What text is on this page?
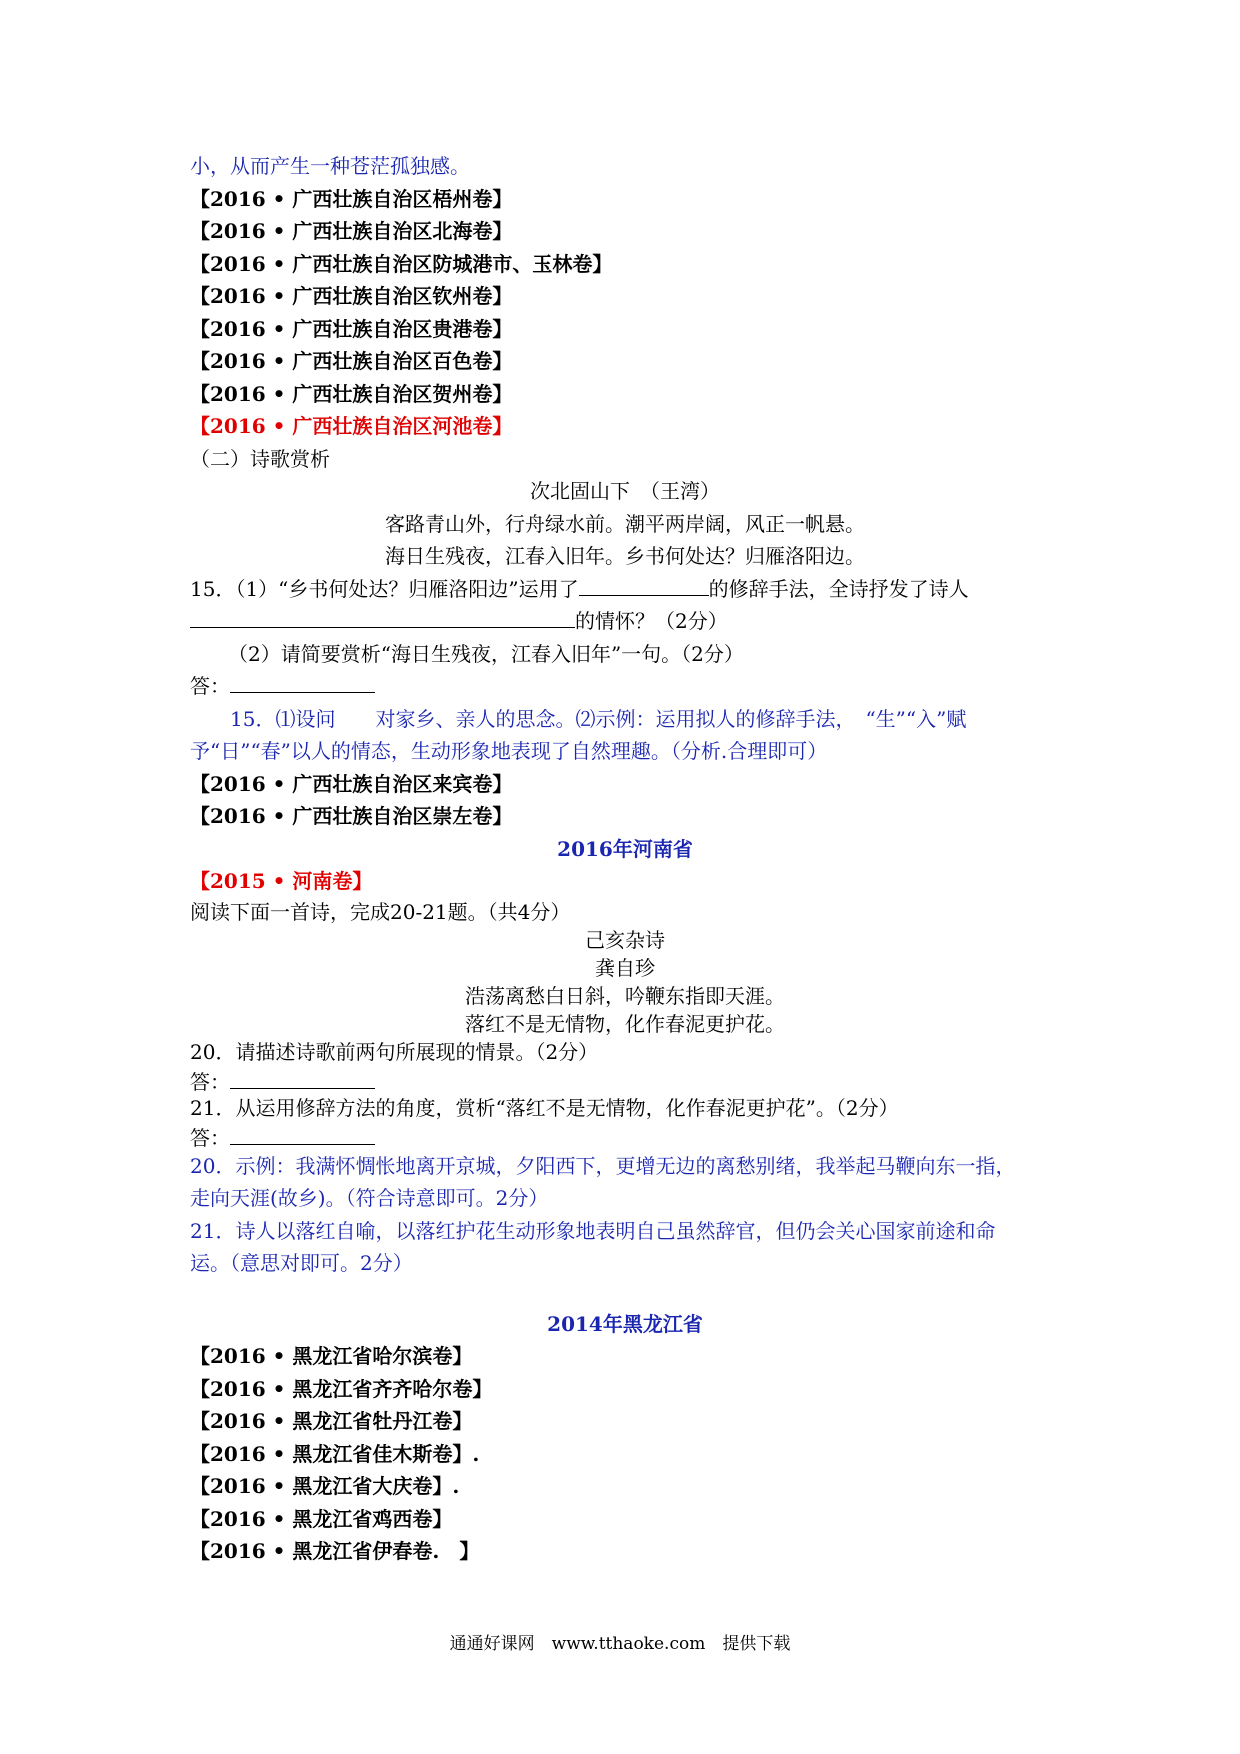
小，从而产生一种苍茫孤独感。
【2016 • 广西壮族自治区梧州卷】
【2016 • 广西壮族自治区北海卷】
【2016 • 广西壮族自治区防城港市、玉林卷】
【2016 • 广西壮族自治区钦州卷】
【2016 • 广西壮族自治区贵港卷】
【2016 • 广西壮族自治区百色卷】
【2016 • 广西壮族自治区贺州卷】
【2016 • 广西壮族自治区河池卷】
（二）诗歌赏析
次北固山下　（王湾）
客路青山外，行舟绿水前。潮平两岸阔，风正一帆悬。
海日生残夜，江春入旧年。乡书何处达？归雁洛阳边。
15．（1）“乡书何处达？归雁洛阳边”运用了	的修辞手法，全诗抒发了诗人
的情怀？（2分）
（2）请简要赏析“海日生残夜，江春入旧年”一句。（2分）
答：
15．⑴设问　　对家乡、亲人的思念。⑵示例：运用拟人的修辞手法，　“生”“入”赋
予“日”“春”以人的情态，生动形象地表现了自然理趣。（分析.合理即可）
【2016 • 广西壮族自治区来宾卷】
【2016 • 广西壮族自治区崇左卷】
2016年河南省
【2015 • 河南卷】
阅读下面一首诗，完成20-21题。（共4分）
己亥杂诗
龚自珍
浩荡离愁白日斜，吟鞭东指即天涯。
落红不是无情物，化作春泥更护花。
20．请描述诗歌前两句所展现的情景。（2分）
答：
21．从运用修辞方法的角度，赏析“落红不是无情物，化作春泥更护花”。（2分）
答：
20．示例：我满怀惆怅地离开京城，夕阳西下，更增无边的离愁别绪，我举起马鞭向东一指，
走向天涯(故乡)。（符合诗意即可。2分）
21．诗人以落红自喻，以落红护花生动形象地表明自己虽然辞官，但仍会关心国家前途和命
运。（意思对即可。2分）
2014年黑龙江省
【2016 • 黑龙江省哈尔滨卷】
【2016 • 黑龙江省齐齐哈尔卷】
【2016 • 黑龙江省牡丹江卷】
【2016 • 黑龙江省佳木斯卷】.
【2016 • 黑龙江省大庆卷】.
【2016 • 黑龙江省鸡西卷】
【2016 • 黑龙江省伊春卷.　】
通通好课网　www.tthaoke.com　提供下载
